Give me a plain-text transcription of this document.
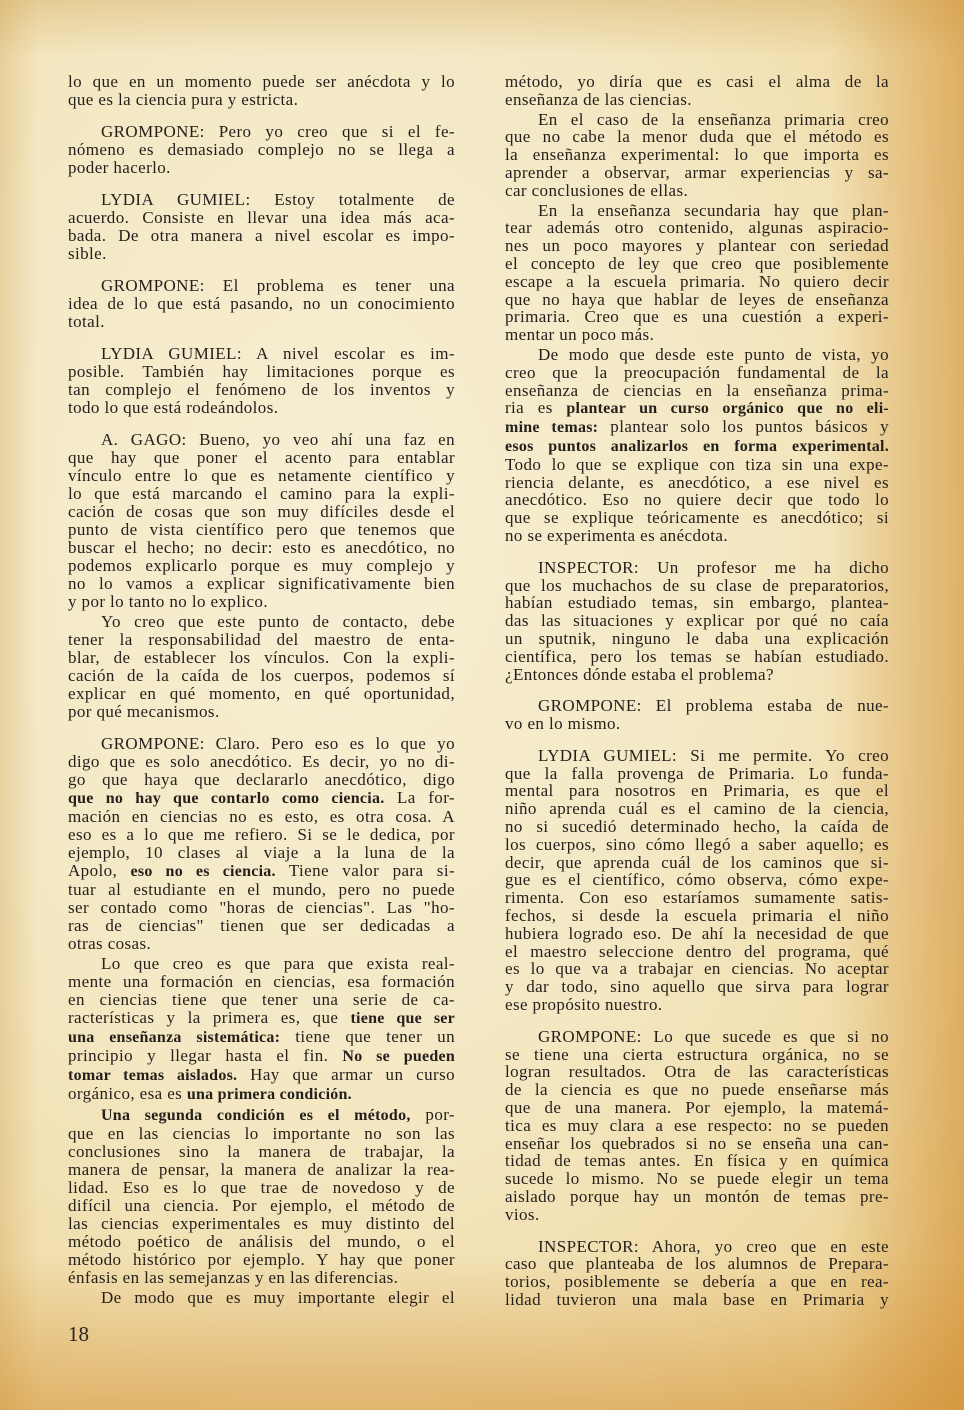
lo que en un momento puede ser anécdota y lo
que es la ciencia pura y estricta.
GROMPONE: Pero yo creo que si el fe-
nómeno es demasiado complejo no se llega a
poder hacerlo.
LYDIA GUMIEL: Estoy totalmente de
acuerdo. Consiste en llevar una idea más aca-
bada. De otra manera a nivel escolar es impo-
sible.
GROMPONE: El problema es tener una
idea de lo que está pasando, no un conocimiento
total.
LYDIA GUMIEL: A nivel escolar es im-
posible. También hay limitaciones porque es
tan complejo el fenómeno de los inventos y
todo lo que está rodeándolos.
A. GAGO: Bueno, yo veo ahí una faz en
que hay que poner el acento para entablar
vínculo entre lo que es netamente científico y
lo que está marcando el camino para la expli-
cación de cosas que son muy difíciles desde el
punto de vista científico pero que tenemos que
buscar el hecho; no decir: esto es anecdótico, no
podemos explicarlo porque es muy complejo y
no lo vamos a explicar significativamente bien
y por lo tanto no lo explico.
Yo creo que este punto de contacto, debe
tener la responsabilidad del maestro de enta-
blar, de establecer los vínculos. Con la expli-
cación de la caída de los cuerpos, podemos sí
explicar en qué momento, en qué oportunidad,
por qué mecanismos.
GROMPONE: Claro. Pero eso es lo que yo
digo que es solo anecdótico. Es decir, yo no di-
go que haya que declararlo anecdótico, digo
que no hay que contarlo como ciencia. La for-
mación en ciencias no es esto, es otra cosa. A
eso es a lo que me refiero. Si se le dedica, por
ejemplo, 10 clases al viaje a la luna de la
Apolo, eso no es ciencia. Tiene valor para si-
tuar al estudiante en el mundo, pero no puede
ser contado como "horas de ciencias". Las "ho-
ras de ciencias" tienen que ser dedicadas a
otras cosas.
Lo que creo es que para que exista real-
mente una formación en ciencias, esa formación
en ciencias tiene que tener una serie de ca-
racterísticas y la primera es, que tiene que ser
una enseñanza sistemática: tiene que tener un
principio y llegar hasta el fin. No se pueden
tomar temas aislados. Hay que armar un curso
orgánico, esa es una primera condición.
Una segunda condición es el método, por-
que en las ciencias lo importante no son las
conclusiones sino la manera de trabajar, la
manera de pensar, la manera de analizar la rea-
lidad. Eso es lo que trae de novedoso y de
difícil una ciencia. Por ejemplo, el método de
las ciencias experimentales es muy distinto del
método poético de análisis del mundo, o el
método histórico por ejemplo. Y hay que poner
énfasis en las semejanzas y en las diferencias.
De modo que es muy importante elegir el
método, yo diría que es casi el alma de la
enseñanza de las ciencias.
En el caso de la enseñanza primaria creo
que no cabe la menor duda que el método es
la enseñanza experimental: lo que importa es
aprender a observar, armar experiencias y sa-
car conclusiones de ellas.
En la enseñanza secundaria hay que plan-
tear además otro contenido, algunas aspiracio-
nes un poco mayores y plantear con seriedad
el concepto de ley que creo que posiblemente
escape a la escuela primaria. No quiero decir
que no haya que hablar de leyes de enseñanza
primaria. Creo que es una cuestión a experi-
mentar un poco más.
De modo que desde este punto de vista, yo
creo que la preocupación fundamental de la
enseñanza de ciencias en la enseñanza prima-
ria es plantear un curso orgánico que no eli-
mine temas: plantear solo los puntos básicos y
esos puntos analizarlos en forma experimental.
Todo lo que se explique con tiza sin una expe-
riencia delante, es anecdótico, a ese nivel es
anecdótico. Eso no quiere decir que todo lo
que se explique teóricamente es anecdótico; si
no se experimenta es anécdota.
INSPECTOR: Un profesor me ha dicho
que los muchachos de su clase de preparatorios,
habían estudiado temas, sin embargo, plantea-
das las situaciones y explicar por qué no caía
un sputnik, ninguno le daba una explicación
científica, pero los temas se habían estudiado.
¿Entonces dónde estaba el problema?
GROMPONE: El problema estaba de nue-
vo en lo mismo.
LYDIA GUMIEL: Si me permite. Yo creo
que la falla provenga de Primaria. Lo funda-
mental para nosotros en Primaria, es que el
niño aprenda cuál es el camino de la ciencia,
no si sucedió determinado hecho, la caída de
los cuerpos, sino cómo llegó a saber aquello; es
decir, que aprenda cuál de los caminos que si-
gue es el científico, cómo observa, cómo expe-
rimenta. Con eso estaríamos sumamente satis-
fechos, si desde la escuela primaria el niño
hubiera logrado eso. De ahí la necesidad de que
el maestro seleccione dentro del programa, qué
es lo que va a trabajar en ciencias. No aceptar
y dar todo, sino aquello que sirva para lograr
ese propósito nuestro.
GROMPONE: Lo que sucede es que si no
se tiene una cierta estructura orgánica, no se
logran resultados. Otra de las características
de la ciencia es que no puede enseñarse más
que de una manera. Por ejemplo, la matemá-
tica es muy clara a ese respecto: no se pueden
enseñar los quebrados si no se enseña una can-
tidad de temas antes. En física y en química
sucede lo mismo. No se puede elegir un tema
aislado porque hay un montón de temas pre-
vios.
INSPECTOR: Ahora, yo creo que en este
caso que planteaba de los alumnos de Prepara-
torios, posiblemente se debería a que en rea-
lidad tuvieron una mala base en Primaria y
18
